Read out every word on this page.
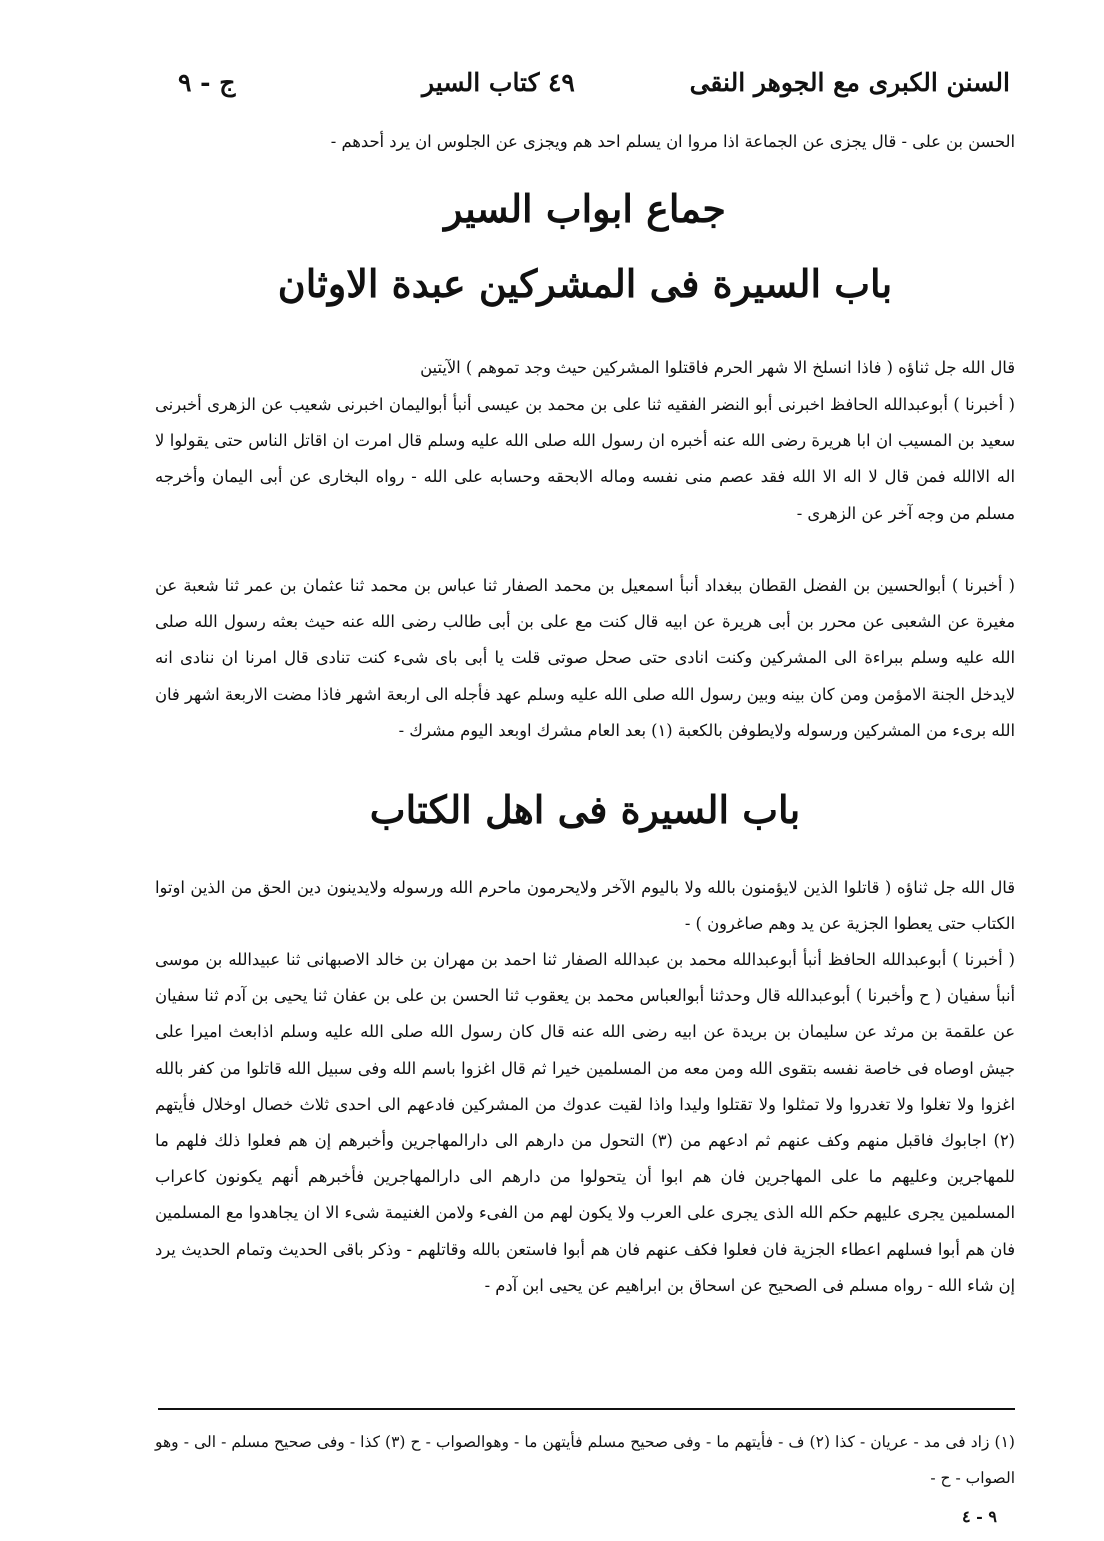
السنن الكبرى مع الجوهر النقى
٤٩
كتاب السير
ج - ٩
الحسن بن على - قال يجزى عن الجماعة اذا مروا ان يسلم احد هم ويجزى عن الجلوس ان يرد أحدهم -
جماع ابواب السير
باب السيرة فى المشركين عبدة الاوثان
قال الله جل ثناؤه ( فاذا انسلخ الا شهر الحرم فاقتلوا المشركين حيث وجد تموهم ) الآيتين
( أخبرنا ) أبوعبدالله الحافظ اخبرنى أبو النضر الفقيه ثنا على بن محمد بن عيسى أنبأ أبواليمان اخبرنى شعيب عن الزهرى أخبرنى سعيد بن المسيب ان ابا هريرة رضى الله عنه أخبره ان رسول الله صلى الله عليه وسلم قال امرت ان اقاتل الناس حتى يقولوا لا اله الاالله فمن قال لا اله الا الله فقد عصم منى نفسه وماله الابحقه وحسابه على الله - رواه البخارى عن أبى اليمان وأخرجه مسلم من وجه آخر عن الزهرى -
( أخبرنا ) أبوالحسين بن الفضل القطان ببغداد أنبأ اسمعيل بن محمد الصفار ثنا عباس بن محمد ثنا عثمان بن عمر ثنا شعبة عن مغيرة عن الشعبى عن محرر بن أبى هريرة عن ابيه قال كنت مع على بن أبى طالب رضى الله عنه حيث بعثه رسول الله صلى الله عليه وسلم ببراءة الى المشركين وكنت انادى حتى صحل صوتى قلت يا أبى باى شىء كنت تنادى قال امرنا ان ننادى انه لايدخل الجنة الامؤمن ومن كان بينه وبين رسول الله صلى الله عليه وسلم عهد فأجله الى اربعة اشهر فاذا مضت الاربعة اشهر فان الله برىء من المشركين ورسوله ولايطوفن بالكعبة (١) بعد العام مشرك اوبعد اليوم مشرك -
باب السيرة فى اهل الكتاب
قال الله جل ثناؤه ( قاتلوا الذين لايؤمنون بالله ولا باليوم الآخر ولايحرمون ماحرم الله ورسوله ولايدينون دين الحق من الذين اوتوا الكتاب حتى يعطوا الجزية عن يد وهم صاغرون ) -
( أخبرنا ) أبوعبدالله الحافظ أنبأ أبوعبدالله محمد بن عبدالله الصفار ثنا احمد بن مهران بن خالد الاصبهانى ثنا عبيدالله بن موسى أنبأ سفيان ( ح وأخبرنا ) أبوعبدالله قال وحدثنا أبوالعباس محمد بن يعقوب ثنا الحسن بن على بن عفان ثنا يحيى بن آدم ثنا سفيان عن علقمة بن مرثد عن سليمان بن بريدة عن ابيه رضى الله عنه قال كان رسول الله صلى الله عليه وسلم اذابعث اميرا على جيش اوصاه فى خاصة نفسه بتقوى الله ومن معه من المسلمين خيرا ثم قال اغزوا باسم الله وفى سبيل الله قاتلوا من كفر بالله اغزوا ولا تغلوا ولا تغدروا ولا تمثلوا ولا تقتلوا وليدا واذا لقيت عدوك من المشركين فادعهم الى احدى ثلاث خصال اوخلال فأيتهم (٢) اجابوك فاقبل منهم وكف عنهم ثم ادعهم من (٣) التحول من دارهم الى دارالمهاجرين وأخبرهم إن هم فعلوا ذلك فلهم ما للمهاجرين وعليهم ما على المهاجرين فان هم ابوا أن يتحولوا من دارهم الى دارالمهاجرين فأخبرهم أنهم يكونون كاعراب المسلمين يجرى عليهم حكم الله الذى يجرى على العرب ولا يكون لهم من الفىء ولامن الغنيمة شىء الا ان يجاهدوا مع المسلمين فان هم أبوا فسلهم اعطاء الجزية فان فعلوا فكف عنهم فان هم أبوا فاستعن بالله وقاتلهم - وذكر باقى الحديث وتمام الحديث يرد إن شاء الله - رواه مسلم فى الصحيح عن اسحاق بن ابراهيم عن يحيى ابن آدم -
(١) زاد فى مد - عريان - كذا (٢) ف - فأيتهم ما - وفى صحيح مسلم فأيتهن ما - وهوالصواب - ح (٣) كذا - وفى صحيح مسلم - الى - وهو الصواب - ح -
٩ - ٤
